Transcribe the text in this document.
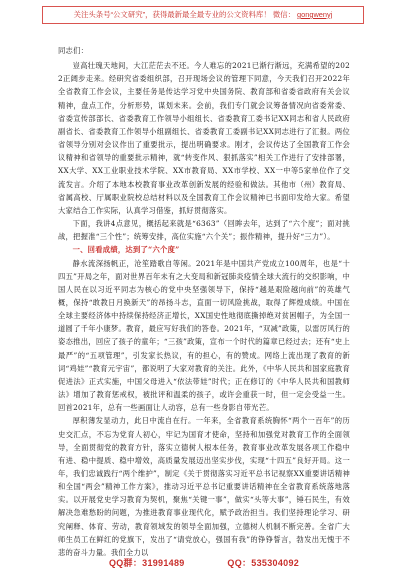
关注头条号“公文研究”，获得最新最全最专业的公文资料库！ 微信： gongwenyj
同志们：

豈高壮瑰天地间，大江茫茫去不还。今人难忘的2021已渐行渐远，充满希望的2022正阔步走来。经研究省委组织部，召开现场会议的管理下同意，今天我们召开2022年全省教育工作会议，主要任务是传达学习党中央国务院、教育部和省委省政府有关会议精神，盘点工作，分析形势，谋划未来。会前，我们专门就会议筹备情况向省委常委、省委宣传部部长、省委教育工作领导小组组长、省委教育工委书记XX同志和省人民政府副省长、省委教育工作领导小组副组长、省委教育工委副书记XX同志进行了汇报。两位省领导分别对会议作出了重要批示，提出明确要求。刚才，会议传达了全国教育工作会议精神和省领导的重要批示精神，就“转变作风、狠抓落实”相关工作进行了安排部署，XX大学、XX工业职业技术学院、XX市教育局、XX市学校、XX一中等5家单位作了交流发言。介绍了本地本校教育事业改革创新发展的经验和做法。其他市（州）教育局、省属高校、厅属职业院校总结材料以及全国教育工作会议精神已书面印发给大家。希望大家结合工作实际，认真学习借鉴，抓好贯彻落实。

下面，我讲4点意见，概括起来就是“6363”（回眸去年，达到了“六个度”；面对挑战，把握准“三个性”；统筹安排，高位实施“六个关”；振作精神，提升好“三力”）。

一、回看成绩，达到了“六个度”

静水流深扬帆正，沧笙踏歌自等闲。2021年是中国共产党成立100周年，也是“十四五”开局之年，面对世界百年未有之大变局和新冠肺炎疫情全球大流行的交织影响，中国人民在以习近平同志为核心的党中央坚强领导下，保持“越是艰险越向前”的英雄气概，保持“敢教日月换新天”的昂扬斗志，直面一切风险挑战，取得了辉煌成绩。中国在全球主要经济体中持续保持经济正增长，XX国史性地彻底撕掉绝对贫困帽子，为全国一道圆了千年小康梦。教育，最应写好我们的答卷。2021年，“双减”政策，以雷厉风行的姿态推出，回应了孩子的童年；“三孩”政策，宣布一个时代的篇章已经过去；还有“史上最严”的“五项管理”，引发家长热议，有的担心，有的赞成。网络上流出现了教育的新词“鸡娃”“教育元宇宙”，都说明了大家对教育的关注。此外，《中华人民共和国家庭教育促进法》正式实施，中国父母进入“依法带娃”时代；正在修订的《中华人民共和国教师法》增加了教育惩戒权，被批评和温柔的孩子，或许会重获一时，但一定会受益一生。回首2021年，总有一些画面让人动容，总有一些身影自带光芒。

厚积薄发显动力，此日中流自在行。一年来，全省教育系统胸怀“两个一百年”的历史交汇点，不忘为党育人初心，牢记为国育才使命，坚持和加强党对教育工作的全面领导，全面贯彻党的教育方针，落实立德树人根本任务，教育事业改革发展各项工作稳中有进、稳中提质、稳中增效，高质量发展迈出坚实步伐，实现“十四五”良好开局。这一年，我们忠诚践行“两个维护”，制定《关于贯彻落实习近平总书记视察XX重要讲话精神和全国“两会”精神工作方案》，推动习近平总书记重要讲话精神在全省教育系统落地落实。以开展党史学习教育为契机，聚焦“关键一事”，做实“头等大事”，锤石民生，有效解决急难愁盼的问题，为推进教育事业现代化，赋予政治担当。我们坚持理论学习、研究阐释、体育、劳动，教育领域发的领导全面加强，立德树人机制不断完善。全省广大师生员工在鲜红的党旗下，发出了“请党放心，强国有我”的铮铮誓言，勃发出无愧于不悲的奋斗力量。我们全力以

QQ群：31991489	QQ：535304092
